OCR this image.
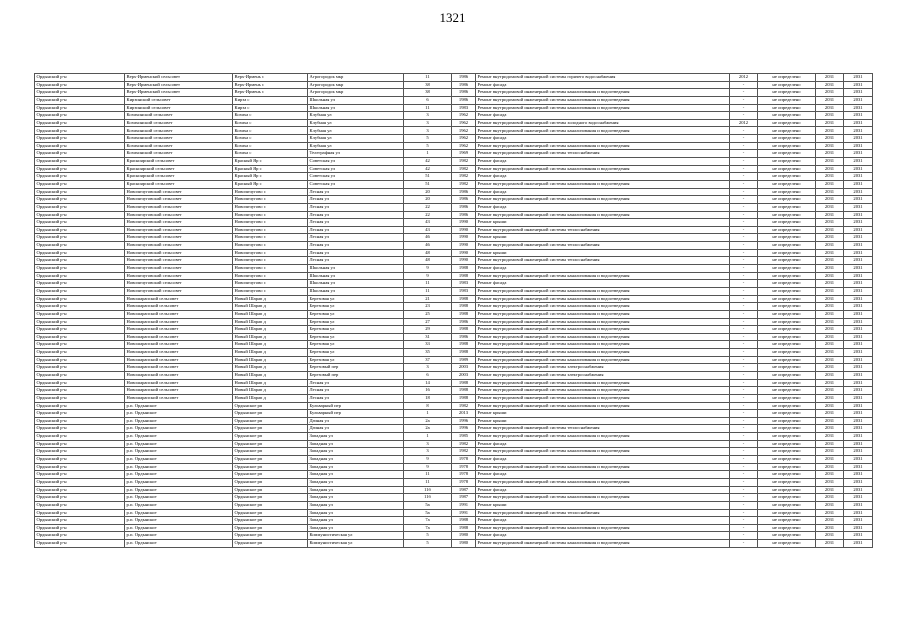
1321
Ордынский р-н	Верх-Ирменский сельсовет	Верх-Ирмень с	Агрогородок мкр	11	1986	Ремонт внутридомовой инженерной системы горячего водоснабжения	2012	не определено	2031	2031
Ордынский р-н	Верх-Ирменский сельсовет	Верх-Ирмень с	Агрогородок мкр	38	1986	Ремонт фасада	-	не определено	2031	2031
Ордынский р-н	Верх-Ирменский сельсовет	Верх-Ирмень с	Агрогородок мкр	38	1986	Ремонт внутридомовой инженерной системы канализования и водоотведения	-	не определено	2031	2031
Ордынский р-н	Кирзинский сельсовет	Кирза с	Школьная ул	6	1986	Ремонт внутридомовой инженерной системы канализования и водоотведения	-	не определено	2031	2031
Ордынский р-н	Кирзинский сельсовет	Кирза с	Школьная ул	11	1983	Ремонт внутридомовой инженерной системы канализования и водоотведения	-	не определено	2031	2031
Ордынский р-н	Козихинский сельсовет	Козиха с	Клубная ул	3	1962	Ремонт фасада	-	не определено	2031	2031
Ордынский р-н	Козихинский сельсовет	Козиха с	Клубная ул	3	1962	Ремонт внутридомовой инженерной системы холодного водоснабжения	2012	не определено	2031	2031
Ордынский р-н	Козихинский сельсовет	Козиха с	Клубная ул	3	1962	Ремонт внутридомовой инженерной системы канализования и водоотведения	-	не определено	2031	2031
Ордынский р-н	Козихинский сельсовет	Козиха с	Клубная ул	5	1962	Ремонт фасада	-	не определено	2031	2031
Ордынский р-н	Козихинский сельсовет	Козиха с	Клубная ул	5	1962	Ремонт внутридомовой инженерной системы канализования и водоотведения	-	не определено	2031	2031
Ордынский р-н	Козихинский сельсовет	Козиха с	Телеграфная ул	1	1969	Ремонт внутридомовой инженерной системы теплоснабжения	-	не определено	2031	2031
Ордынский р-н	Красноярский сельсовет	Красный Яр с	Советская ул	42	1982	Ремонт фасада	-	не определено	2031	2031
Ордынский р-н	Красноярский сельсовет	Красный Яр с	Советская ул	42	1982	Ремонт внутридомовой инженерной системы канализования и водоотведения	-	не определено	2031	2031
Ордынский р-н	Красноярский сельсовет	Красный Яр с	Советская ул	51	1982	Ремонт фасада	-	не определено	2031	2031
Ордынский р-н	Красноярский сельсовет	Красный Яр с	Советская ул	51	1982	Ремонт внутридомовой инженерной системы канализования и водоотведения	-	не определено	2031	2031
Ордынский р-н	Новопичуговский сельсовет	Новопичугово с	Лесная ул	20	1986	Ремонт фасада	-	не определено	2031	2031
Ордынский р-н	Новопичуговский сельсовет	Новопичугово с	Лесная ул	20	1986	Ремонт внутридомовой инженерной системы канализования и водоотведения	-	не определено	2031	2031
Ордынский р-н	Новопичуговский сельсовет	Новопичугово с	Лесная ул	22	1986	Ремонт фасада	-	не определено	2031	2031
Ордынский р-н	Новопичуговский сельсовет	Новопичугово с	Лесная ул	22	1986	Ремонт внутридомовой инженерной системы канализования и водоотведения	-	не определено	2031	2031
Ордынский р-н	Новопичуговский сельсовет	Новопичугово с	Лесная ул	43	1990	Ремонт крыши	-	не определено	2031	2031
Ордынский р-н	Новопичуговский сельсовет	Новопичугово с	Лесная ул	43	1990	Ремонт внутридомовой инженерной системы теплоснабжения	-	не определено	2031	2031
Ордынский р-н	Новопичуговский сельсовет	Новопичугово с	Лесная ул	46	1990	Ремонт крыши	-	не определено	2031	2031
Ордынский р-н	Новопичуговский сельсовет	Новопичугово с	Лесная ул	46	1990	Ремонт внутридомовой инженерной системы теплоснабжения	-	не определено	2031	2031
Ордынский р-н	Новопичуговский сельсовет	Новопичугово с	Лесная ул	48	1990	Ремонт крыши	-	не определено	2031	2031
Ордынский р-н	Новопичуговский сельсовет	Новопичугово с	Лесная ул	48	1990	Ремонт внутридомовой инженерной системы теплоснабжения	-	не определено	2031	2031
Ордынский р-н	Новопичуговский сельсовет	Новопичугово с	Школьная ул	9	1988	Ремонт фасада	-	не определено	2031	2031
Ордынский р-н	Новопичуговский сельсовет	Новопичугово с	Школьная ул	9	1988	Ремонт внутридомовой инженерной системы канализования и водоотведения	-	не определено	2031	2031
Ордынский р-н	Новопичуговский сельсовет	Новопичугово с	Школьная ул	11	1983	Ремонт фасада	-	не определено	2031	2031
Ордынский р-н	Новопичуговский сельсовет	Новопичугово с	Школьная ул	11	1983	Ремонт внутридомовой инженерной системы канализования и водоотведения	-	не определено	2031	2031
Ордынский р-н	Новошарапский сельсовет	Новый Шарап д	Березовая ул	21	1988	Ремонт внутридомовой инженерной системы канализования и водоотведения	-	не определено	2031	2031
Ордынский р-н	Новошарапский сельсовет	Новый Шарап д	Березовая ул	23	1988	Ремонт внутридомовой инженерной системы канализования и водоотведения	-	не определено	2031	2031
Ордынский р-н	Новошарапский сельсовет	Новый Шарап д	Березовая ул	25	1988	Ремонт внутридомовой инженерной системы канализования и водоотведения	-	не определено	2031	2031
Ордынский р-н	Новошарапский сельсовет	Новый Шарап д	Березовая ул	27	1986	Ремонт внутридомовой инженерной системы канализования и водоотведения	-	не определено	2031	2031
Ордынский р-н	Новошарапский сельсовет	Новый Шарап д	Березовая ул	29	1988	Ремонт внутридомовой инженерной системы канализования и водоотведения	-	не определено	2031	2031
Ордынский р-н	Новошарапский сельсовет	Новый Шарап д	Березовая ул	31	1986	Ремонт внутридомовой инженерной системы канализования и водоотведения	-	не определено	2031	2031
Ордынский р-н	Новошарапский сельсовет	Новый Шарап д	Березовая ул	33	1988	Ремонт внутридомовой инженерной системы канализования и водоотведения	-	не определено	2031	2031
Ордынский р-н	Новошарапский сельсовет	Новый Шарап д	Березовая ул	35	1988	Ремонт внутридомовой инженерной системы канализования и водоотведения	-	не определено	2031	2031
Ордынский р-н	Новошарапский сельсовет	Новый Шарап д	Березовая ул	37	1989	Ремонт внутридомовой инженерной системы канализования и водоотведения	-	не определено	2031	2031
Ордынский р-н	Новошарапский сельсовет	Новый Шарап д	Березовый пер	3	2003	Ремонт внутридомовой инженерной системы электроснабжения	-	не определено	2031	2031
Ордынский р-н	Новошарапский сельсовет	Новый Шарап д	Березовый пер	6	2003	Ремонт внутридомовой инженерной системы электроснабжения	-	не определено	2031	2031
Ордынский р-н	Новошарапский сельсовет	Новый Шарап д	Лесная ул	14	1988	Ремонт внутридомовой инженерной системы канализования и водоотведения	-	не определено	2031	2031
Ордынский р-н	Новошарапский сельсовет	Новый Шарап д	Лесная ул	16	1988	Ремонт внутридомовой инженерной системы канализования и водоотведения	-	не определено	2031	2031
Ордынский р-н	Новошарапский сельсовет	Новый Шарап д	Лесная ул	18	1988	Ремонт внутридомовой инженерной системы канализования и водоотведения	-	не определено	2031	2031
Ордынский р-н	р.п. Ордынское	Ордынское рп	Бульварный пер	8	1982	Ремонт внутридомовой инженерной системы канализования и водоотведения	-	не определено	2031	2031
Ордынский р-н	р.п. Ордынское	Ордынское рп	Бульварный пер	1	2013	Ремонт крыши	-	не определено	2031	2031
Ордынский р-н	р.п. Ордынское	Ордынское рп	Дачная ул	2а	1996	Ремонт крыши	-	не определено	2031	2031
Ордынский р-н	р.п. Ордынское	Ордынское рп	Дачная ул	2а	1996	Ремонт внутридомовой инженерной системы теплоснабжения	-	не определено	2031	2031
Ордынский р-н	р.п. Ордынское	Ордынское рп	Западная ул	1	1985	Ремонт внутридомовой инженерной системы канализования и водоотведения	-	не определено	2031	2031
Ордынский р-н	р.п. Ордынское	Ордынское рп	Западная ул	3	1982	Ремонт фасада	-	не определено	2031	2031
Ордынский р-н	р.п. Ордынское	Ордынское рп	Западная ул	3	1982	Ремонт внутридомовой инженерной системы канализования и водоотведения	-	не определено	2031	2031
Ордынский р-н	р.п. Ордынское	Ордынское рп	Западная ул	9	1978	Ремонт фасада	-	не определено	2031	2031
Ордынский р-н	р.п. Ордынское	Ордынское рп	Западная ул	9	1978	Ремонт внутридомовой инженерной системы канализования и водоотведения	-	не определено	2031	2031
Ордынский р-н	р.п. Ордынское	Ордынское рп	Западная ул	11	1978	Ремонт фасада	-	не определено	2031	2031
Ордынский р-н	р.п. Ордынское	Ордынское рп	Западная ул	11	1978	Ремонт внутридомовой инженерной системы канализования и водоотведения	-	не определено	2031	2031
Ордынский р-н	р.п. Ордынское	Ордынское рп	Западная ул	11б	1987	Ремонт фасада	-	не определено	2031	2031
Ордынский р-н	р.п. Ордынское	Ордынское рп	Западная ул	11б	1987	Ремонт внутридомовой инженерной системы канализования и водоотведения	-	не определено	2031	2031
Ордынский р-н	р.п. Ордынское	Ордынское рп	Западная ул	5а	1991	Ремонт крыши	-	не определено	2031	2031
Ордынский р-н	р.п. Ордынское	Ордынское рп	Западная ул	5а	1991	Ремонт внутридомовой инженерной системы теплоснабжения	-	не определено	2031	2031
Ордынский р-н	р.п. Ордынское	Ордынское рп	Западная ул	7а	1988	Ремонт фасада	-	не определено	2031	2031
Ордынский р-н	р.п. Ордынское	Ордынское рп	Западная ул	7а	1988	Ремонт внутридомовой инженерной системы канализования и водоотведения	-	не определено	2031	2031
Ордынский р-н	р.п. Ордынское	Ордынское рп	Коммунистическая ул	5	1980	Ремонт фасада	-	не определено	2031	2031
Ордынский р-н	р.п. Ордынское	Ордынское рп	Коммунистическая ул	5	1980	Ремонт внутридомовой инженерной системы канализования и водоотведения	-	не определено	2031	2031
